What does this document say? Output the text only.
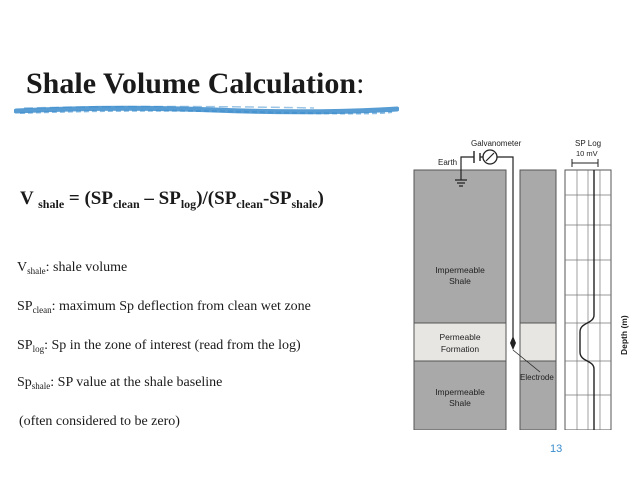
Shale Volume Calculation:
V $_{shale} = (SP_{clean} - SP_{log})/(SP_{clean}-SP_{shale})$
$V_{shale}$: shale volume
$SP_{clean}$: maximum Sp deflection from clean wet zone
$SP_{log}$: Sp in the zone of interest (read from the log)
$Sp_{shale}$: SP value at the shale baseline
(often considered to be zero)
Galvanometer	SP Log
10 mV
Earth
Impermeable
Shale
Permeable
Formation
Impermeable
Shale
Electrode
Depth (m)
13
